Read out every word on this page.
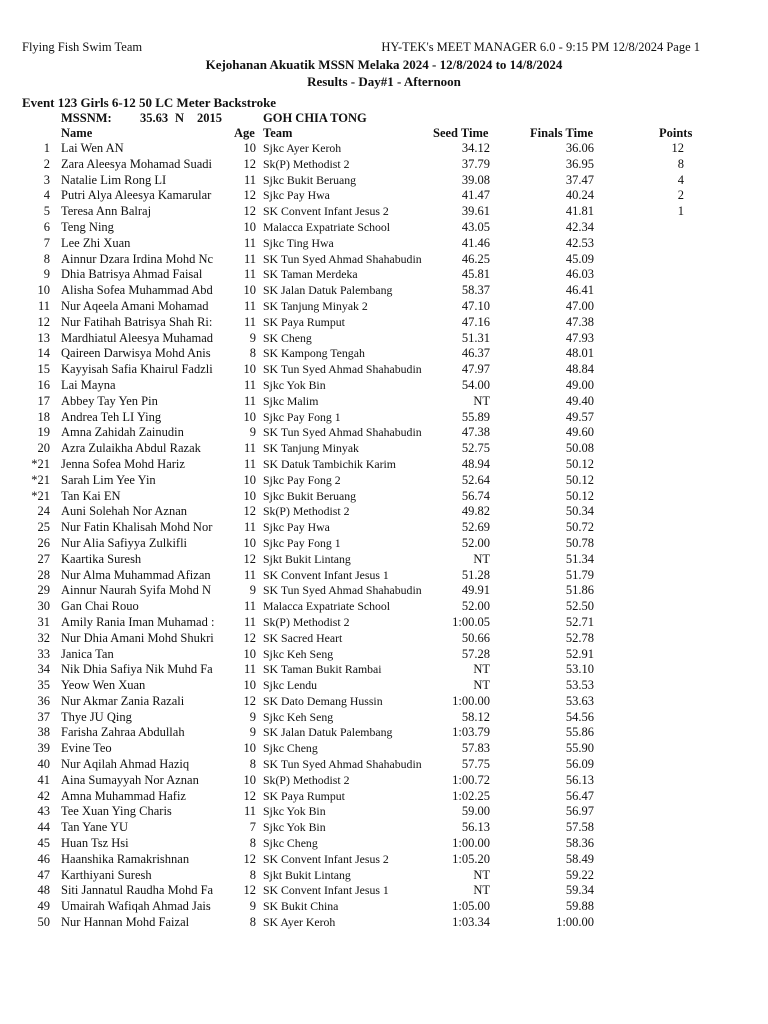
Flying Fish Swim Team	HY-TEK's MEET MANAGER 6.0 - 9:15 PM 12/8/2024 Page 1
Kejohanan Akuatik MSSN Melaka 2024 - 12/8/2024 to 14/8/2024
Results - Day#1 - Afternoon
Event 123 Girls 6-12 50 LC Meter Backstroke
MSSNM: 35.63 N 2015	GOH CHIA TONG
Name	Age Team	Seed Time	Finals Time	Points
1 Lai Wen AN	10 Sjkc Ayer Keroh	34.12	36.06	12
2 Zara Aleesya Mohamad Suadi	12 Sk(P) Methodist 2	37.79	36.95	8
3 Natalie Lim Rong LI	11 Sjkc Bukit Beruang	39.08	37.47	4
4 Putri Alya Aleesya Kamarular	12 Sjkc Pay Hwa	41.47	40.24	2
5 Teresa Ann Balraj	12 SK Convent Infant Jesus 2	39.61	41.81	1
6 Teng Ning	10 Malacca Expatriate School	43.05	42.34
7 Lee Zhi Xuan	11 Sjkc Ting Hwa	41.46	42.53
8 Ainnur Dzara Irdina Mohd Nc	11 SK Tun Syed Ahmad Shahabudin	46.25	45.09
9 Dhia Batrisya Ahmad Faisal	11 SK Taman Merdeka	45.81	46.03
10 Alisha Sofea Muhammad Abd	10 SK Jalan Datuk Palembang	58.37	46.41
11 Nur Aqeela Amani Mohamad	11 SK Tanjung Minyak 2	47.10	47.00
12 Nur Fatihah Batrisya Shah Ri:	11 SK Paya Rumput	47.16	47.38
13 Mardhiatul Aleesya Muhamad	9 SK Cheng	51.31	47.93
14 Qaireen Darwisya Mohd Anis	8 SK Kampong Tengah	46.37	48.01
15 Kayyisah Safia Khairul Fadzli	10 SK Tun Syed Ahmad Shahabudin	47.97	48.84
16 Lai Mayna	11 Sjkc Yok Bin	54.00	49.00
17 Abbey Tay Yen Pin	11 Sjkc Malim	NT	49.40
18 Andrea Teh LI Ying	10 Sjkc Pay Fong 1	55.89	49.57
19 Amna Zahidah Zainudin	9 SK Tun Syed Ahmad Shahabudin	47.38	49.60
20 Azra Zulaikha Abdul Razak	11 SK Tanjung Minyak	52.75	50.08
*21 Jenna Sofea Mohd Hariz	11 SK Datuk Tambichik Karim	48.94	50.12
*21 Sarah Lim Yee Yin	10 Sjkc Pay Fong 2	52.64	50.12
*21 Tan Kai EN	10 Sjkc Bukit Beruang	56.74	50.12
24 Auni Solehah Nor Aznan	12 Sk(P) Methodist 2	49.82	50.34
25 Nur Fatin Khalisah Mohd Nor	11 Sjkc Pay Hwa	52.69	50.72
26 Nur Alia Safiyya Zulkifli	10 Sjkc Pay Fong 1	52.00	50.78
27 Kaartika Suresh	12 Sjkt Bukit Lintang	NT	51.34
28 Nur Alma Muhammad Afizan	11 SK Convent Infant Jesus 1	51.28	51.79
29 Ainnur Naurah Syifa Mohd N	9 SK Tun Syed Ahmad Shahabudin	49.91	51.86
30 Gan Chai Rouo	11 Malacca Expatriate School	52.00	52.50
31 Amily Rania Iman Muhamad :	11 Sk(P) Methodist 2	1:00.05	52.71
32 Nur Dhia Amani Mohd Shukri	12 SK Sacred Heart	50.66	52.78
33 Janica Tan	10 Sjkc Keh Seng	57.28	52.91
34 Nik Dhia Safiya Nik Muhd Fa	11 SK Taman Bukit Rambai	NT	53.10
35 Yeow Wen Xuan	10 Sjkc Lendu	NT	53.53
36 Nur Akmar Zania Razali	12 SK Dato Demang Hussin	1:00.00	53.63
37 Thye JU Qing	9 Sjkc Keh Seng	58.12	54.56
38 Farisha Zahraa Abdullah	9 SK Jalan Datuk Palembang	1:03.79	55.86
39 Evine Teo	10 Sjkc Cheng	57.83	55.90
40 Nur Aqilah Ahmad Haziq	8 SK Tun Syed Ahmad Shahabudin	57.75	56.09
41 Aina Sumayyah Nor Aznan	10 Sk(P) Methodist 2	1:00.72	56.13
42 Amna Muhammad Hafiz	12 SK Paya Rumput	1:02.25	56.47
43 Tee Xuan Ying Charis	11 Sjkc Yok Bin	59.00	56.97
44 Tan Yane YU	7 Sjkc Yok Bin	56.13	57.58
45 Huan Tsz Hsi	8 Sjkc Cheng	1:00.00	58.36
46 Haanshika Ramakrishnan	12 SK Convent Infant Jesus 2	1:05.20	58.49
47 Karthiyani Suresh	8 Sjkt Bukit Lintang	NT	59.22
48 Siti Jannatul Raudha Mohd Fa	12 SK Convent Infant Jesus 1	NT	59.34
49 Umairah Wafiqah Ahmad Jais	9 SK Bukit China	1:05.00	59.88
50 Nur Hannan Mohd Faizal	8 SK Ayer Keroh	1:03.34	1:00.00
